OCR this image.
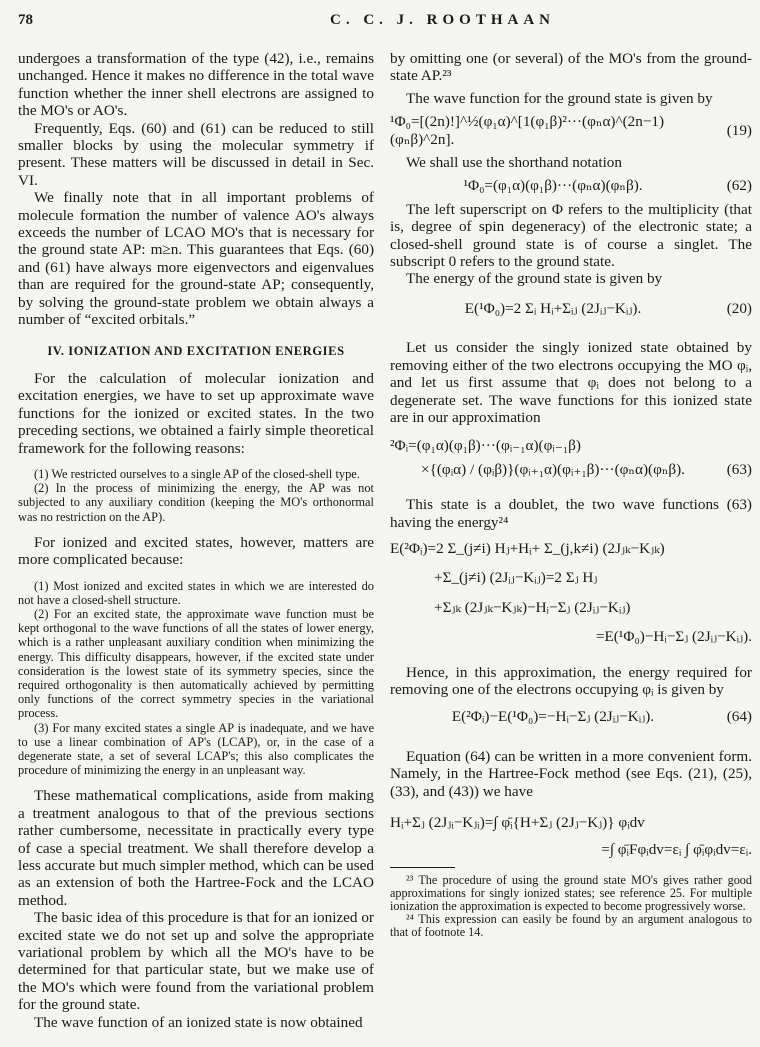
78	C. C. J. ROOTHAAN

undergoes a transformation of the type (42), i.e., remains unchanged. Hence it makes no difference in the total wave function whether the inner shell electrons are assigned to the MO's or AO's.

Frequently, Eqs. (60) and (61) can be reduced to still smaller blocks by using the molecular symmetry if present. These matters will be discussed in detail in Sec. VI.

We finally note that in all important problems of molecule formation the number of valence AO's always exceeds the number of LCAO MO's that is necessary for the ground state AP: m≥n. This guarantees that Eqs. (60) and (61) have always more eigenvectors and eigenvalues than are required for the ground-state AP; consequently, by solving the ground-state problem we obtain always a number of “excited orbitals.”

IV. IONIZATION AND EXCITATION ENERGIES

For the calculation of molecular ionization and excitation energies, we have to set up approximate wave functions for the ionized or excited states. In the two preceding sections, we obtained a fairly simple theoretical framework for the following reasons:

(1) We restricted ourselves to a single AP of the closed-shell type.

(2) In the process of minimizing the energy, the AP was not subjected to any auxiliary condition (keeping the MO's orthonormal was no restriction on the AP).

For ionized and excited states, however, matters are more complicated because:

(1) Most ionized and excited states in which we are interested do not have a closed-shell structure.

(2) For an excited state, the approximate wave function must be kept orthogonal to the wave functions of all the states of lower energy, which is a rather unpleasant auxiliary condition when minimizing the energy. This difficulty disappears, however, if the excited state under consideration is the lowest state of its symmetry species, since the required orthogonality is then automatically achieved by permitting only functions of the correct symmetry species in the variational process.

(3) For many excited states a single AP is inadequate, and we have to use a linear combination of AP's (LCAP), or, in the case of a degenerate state, a set of several LCAP's; this also complicates the procedure of minimizing the energy in an unpleasant way.

These mathematical complications, aside from making a treatment analogous to that of the previous sections rather cumbersome, necessitate in practically every type of case a special treatment. We shall therefore develop a less accurate but much simpler method, which can be used as an extension of both the Hartree-Fock and the LCAO method.

The basic idea of this procedure is that for an ionized or excited state we do not set up and solve the appropriate variational problem by which all the MO's have to be determined for that particular state, but we make use of the MO's which were found from the variational problem for the ground state.

The wave function of an ionized state is now obtained

by omitting one (or several) of the MO's from the ground-state AP.²³

The wave function for the ground state is given by

¹Φ₀=[(2n)!]^½(φ₁α)^[1(φ₁β)²···(φₙα)^(2n−1)(φₙβ)^2n].
(19)

We shall use the shorthand notation

¹Φ₀=(φ₁α)(φ₁β)···(φₙα)(φₙβ).	(62)

The left superscript on Φ refers to the multiplicity (that is, degree of spin degeneracy) of the electronic state; a closed-shell ground state is of course a singlet. The subscript 0 refers to the ground state.

The energy of the ground state is given by

E(¹Φ₀)=2 Σᵢ Hᵢ+Σᵢⱼ (2Jᵢⱼ−Kᵢⱼ).	(20)

Let us consider the singly ionized state obtained by removing either of the two electrons occupying the MO φᵢ, and let us first assume that φᵢ does not belong to a degenerate set. The wave functions for this ionized state are in our approximation

²Φᵢ=(φ₁α)(φ₁β)···(φᵢ₋₁α)(φᵢ₋₁β)
×{(φᵢα) / (φᵢβ)}(φᵢ₊₁α)(φᵢ₊₁β)···(φₙα)(φₙβ).	(63)

This state is a doublet, the two wave functions (63) having the energy²⁴

E(²Φᵢ)=2 Σ_(j≠i) Hⱼ+Hᵢ+ Σ_(j,k≠i) (2Jⱼₖ−Kⱼₖ)
+Σ_(j≠i) (2Jᵢⱼ−Kᵢⱼ)=2 Σⱼ Hⱼ
+Σⱼₖ (2Jⱼₖ−Kⱼₖ)−Hᵢ−Σⱼ (2Jᵢⱼ−Kᵢⱼ)
=E(¹Φ₀)−Hᵢ−Σⱼ (2Jᵢⱼ−Kᵢⱼ).

Hence, in this approximation, the energy required for removing one of the electrons occupying φᵢ is given by

E(²Φᵢ)−E(¹Φ₀)=−Hᵢ−Σⱼ (2Jᵢⱼ−Kᵢⱼ).	(64)

Equation (64) can be written in a more convenient form. Namely, in the Hartree-Fock method (see Eqs. (21), (25), (33), and (43)) we have

Hᵢ+Σⱼ (2Jⱼᵢ−Kⱼᵢ)=∫ φ̄ᵢ{H+Σⱼ (2Jⱼ−Kⱼ)} φᵢdv
=∫ φ̄ᵢFφᵢdv=εᵢ ∫ φ̄ᵢφᵢdv=εᵢ.

²³ The procedure of using the ground state MO's gives rather good approximations for singly ionized states; see reference 25. For multiple ionization the approximation is expected to become progressively worse.

²⁴ This expression can easily be found by an argument analogous to that of footnote 14.
